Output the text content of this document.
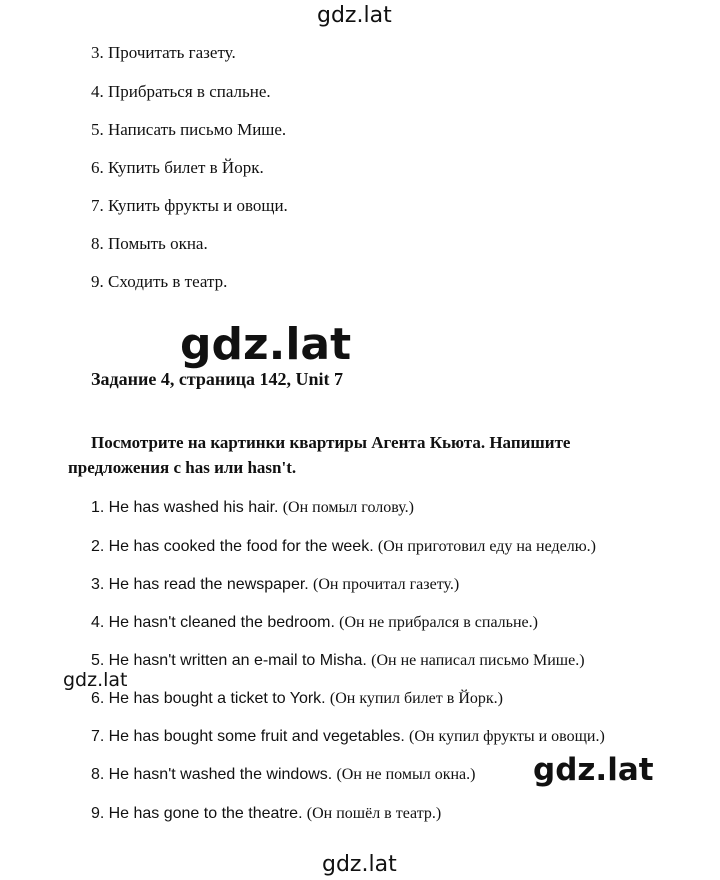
gdz.lat
gdz.lat
gdz.lat
gdz.lat
gdz.lat
3. Прочитать газету.
4. Прибраться в спальне.
5. Написать письмо Мише.
6. Купить билет в Йорк.
7. Купить фрукты и овощи.
8. Помыть окна.
9. Сходить в театр.
Задание 4, страница 142, Unit 7
Посмотрите на картинки квартиры Агента Кьюта. Напишите
предложения с has или hasn't.
1. He has washed his hair. (Он помыл голову.)
2. He has cooked the food for the week. (Он приготовил еду на неделю.)
3. He has read the newspaper. (Он прочитал газету.)
4. He hasn't cleaned the bedroom. (Он не прибрался в спальне.)
5. He hasn't written an e-mail to Misha. (Он не написал письмо Мише.)
6. He has bought a ticket to York. (Он купил билет в Йорк.)
7. He has bought some fruit and vegetables. (Он купил фрукты и овощи.)
8. He hasn't washed the windows. (Он не помыл окна.)
9. He has gone to the theatre. (Он пошёл в театр.)
